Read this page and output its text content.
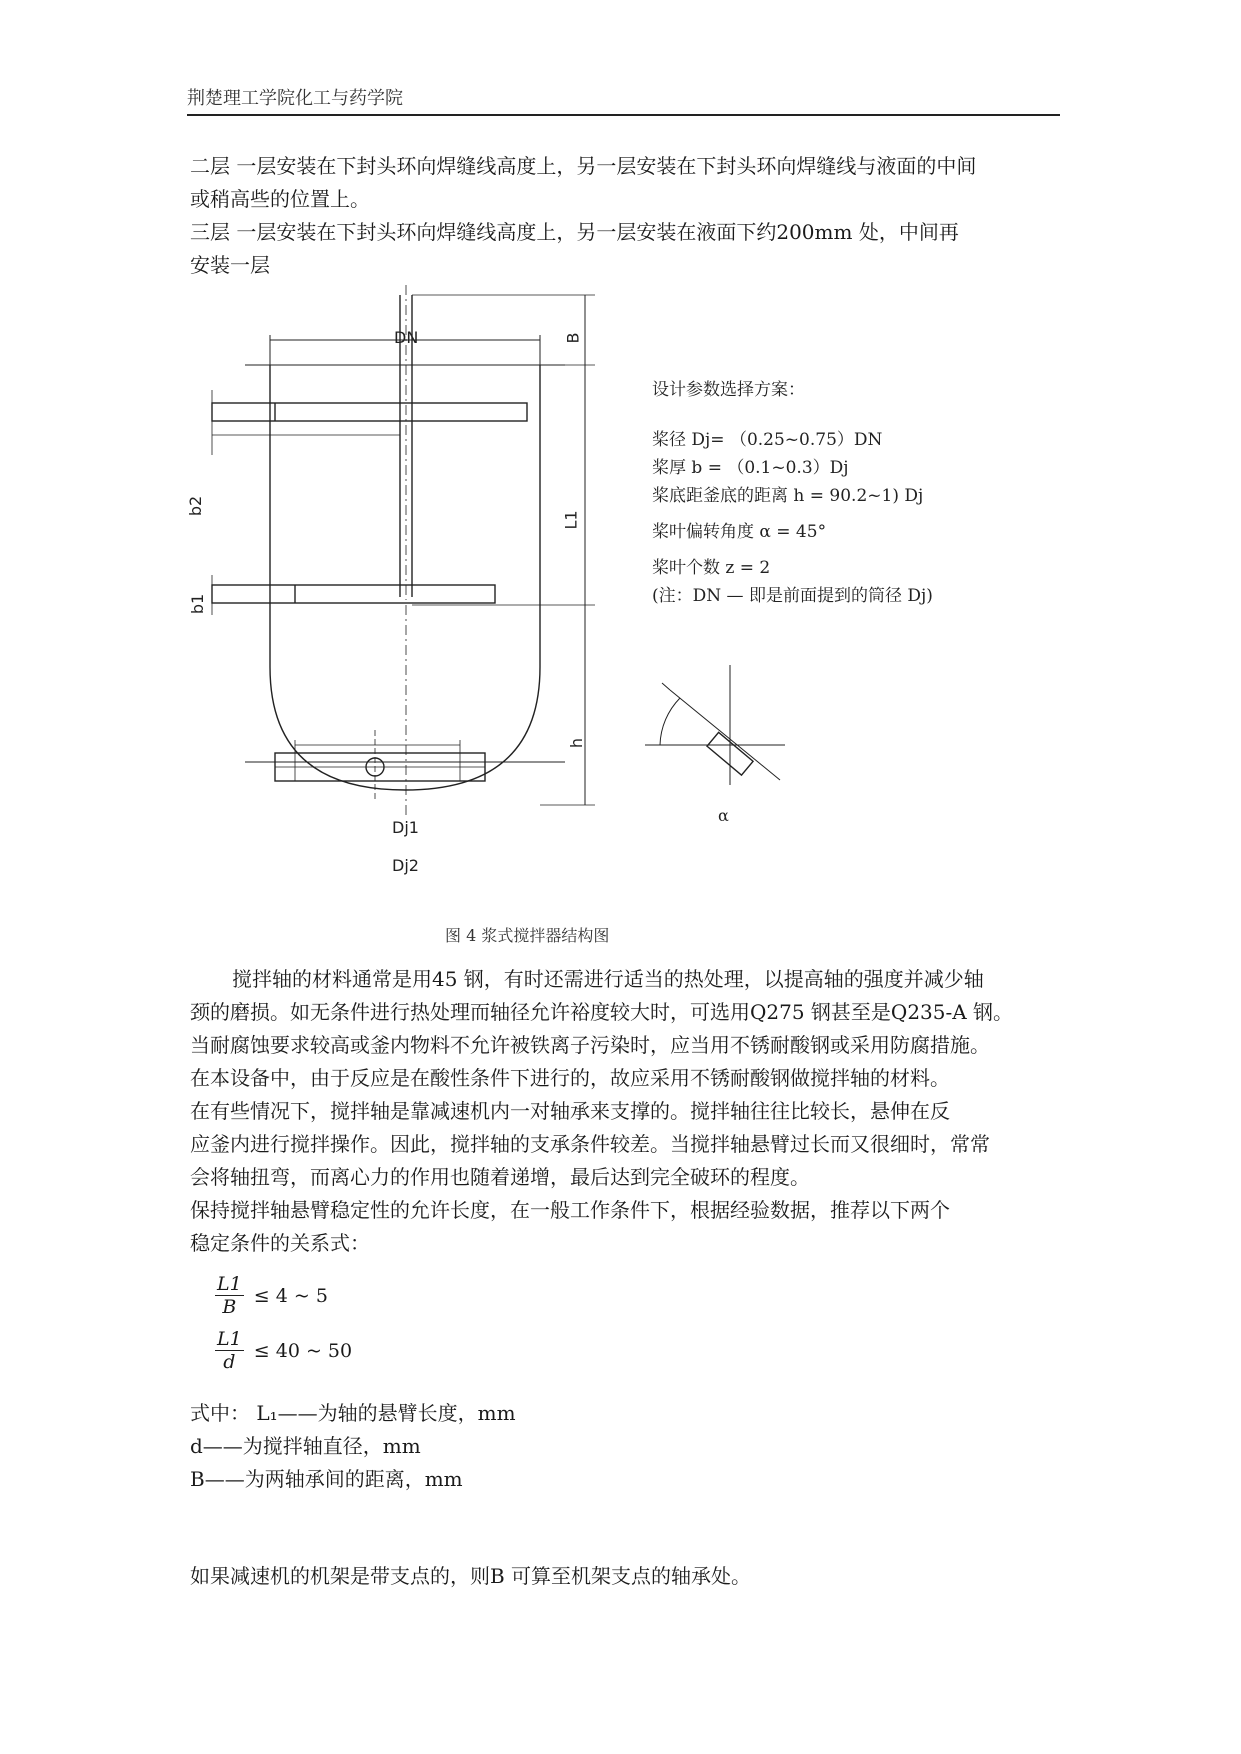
荆楚理工学院化工与药学院

二层 一层安装在下封头环向焊缝线高度上，另一层安装在下封头环向焊缝线与液面的中间

或稍高些的位置上。

三层 一层安装在下封头环向焊缝线高度上，另一层安装在液面下约200mm 处，中间再

安装一层

DN	B
L1
b2
b1
h
Dj1
Dj2
α
设计参数选择方案：
桨径 Dj= （0.25~0.75）DN
桨厚 b = （0.1~0.3）Dj
桨底距釜底的距离 h = 90.2~1) Dj
桨叶偏转角度 α = 45°
桨叶个数 z = 2
(注：DN — 即是前面提到的筒径 Dj)
图 4 浆式搅拌器结构图

搅拌轴的材料通常是用45 钢，有时还需进行适当的热处理，以提高轴的强度并减少轴

颈的磨损。如无条件进行热处理而轴径允许裕度较大时，可选用Q275 钢甚至是Q235-A 钢。

当耐腐蚀要求较高或釜内物料不允许被铁离子污染时，应当用不锈耐酸钢或采用防腐措施。

在本设备中，由于反应是在酸性条件下进行的，故应采用不锈耐酸钢做搅拌轴的材料。

在有些情况下，搅拌轴是靠减速机内一对轴承来支撑的。搅拌轴往往比较长，悬伸在反

应釜内进行搅拌操作。因此，搅拌轴的支承条件较差。当搅拌轴悬臂过长而又很细时，常常

会将轴扭弯，而离心力的作用也随着递增，最后达到完全破环的程度。

保持搅拌轴悬臂稳定性的允许长度，在一般工作条件下，根据经验数据，推荐以下两个

稳定条件的关系式：

$\frac{L1}{B} \le 4$ ~ 5
$\frac{L1}{d} \le 40$ ~ 50

式中： L₁——为轴的悬臂长度，mm

d——为搅拌轴直径，mm

B——为两轴承间的距离，mm

如果减速机的机架是带支点的，则B 可算至机架支点的轴承处。
